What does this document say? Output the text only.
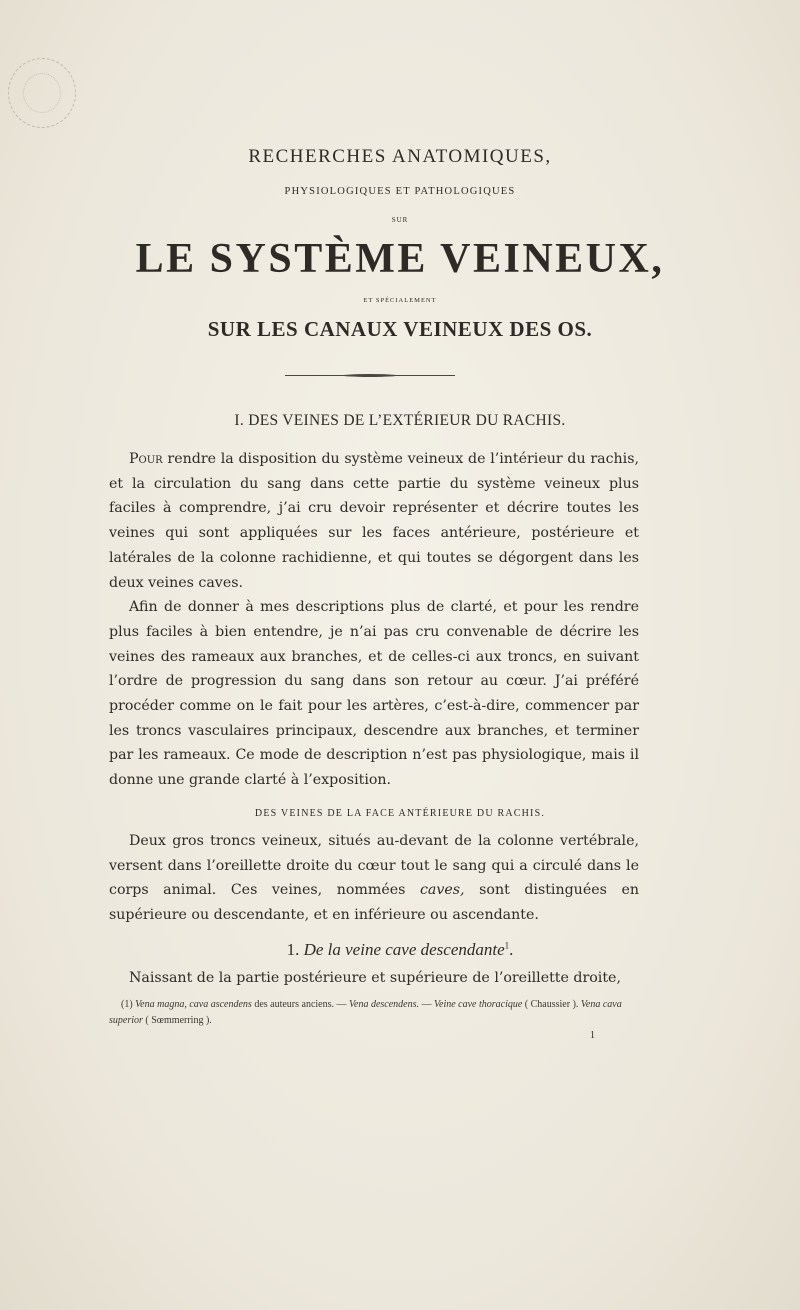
RECHERCHES ANATOMIQUES,
PHYSIOLOGIQUES ET PATHOLOGIQUES
SUR
LE SYSTÈME VEINEUX,
ET SPÉCIALEMENT
SUR LES CANAUX VEINEUX DES OS.
I. DES VEINES DE L’EXTÉRIEUR DU RACHIS.

Pour rendre la disposition du système veineux de l’intérieur du rachis, et la circulation du sang dans cette partie du système veineux plus faciles à comprendre, j’ai cru devoir représenter et décrire toutes les veines qui sont appliquées sur les faces antérieure, postérieure et latérales de la colonne rachidienne, et qui toutes se dégorgent dans les deux veines caves.

Afin de donner à mes descriptions plus de clarté, et pour les rendre plus faciles à bien entendre, je n’ai pas cru convenable de décrire les veines des rameaux aux branches, et de celles-ci aux troncs, en suivant l’ordre de progression du sang dans son retour au cœur. J’ai préféré procéder comme on le fait pour les artères, c’est-à-dire, commencer par les troncs vasculaires principaux, descendre aux branches, et terminer par les rameaux. Ce mode de description n’est pas physiologique, mais il donne une grande clarté à l’exposition.

DES VEINES DE LA FACE ANTÉRIEURE DU RACHIS.

Deux gros troncs veineux, situés au-devant de la colonne vertébrale, versent dans l’oreillette droite du cœur tout le sang qui a circulé dans le corps animal. Ces veines, nommées caves, sont distinguées en supérieure ou descendante, et en inférieure ou ascendante.

1. De la veine cave descendante$^1$.

Naissant de la partie postérieure et supérieure de l’oreillette droite,

(1) Vena magna, cava ascendens des auteurs anciens. — Vena descendens. — Veine cave thoracique ( Chaussier ). Vena cava superior ( Sœmmerring ).

1
